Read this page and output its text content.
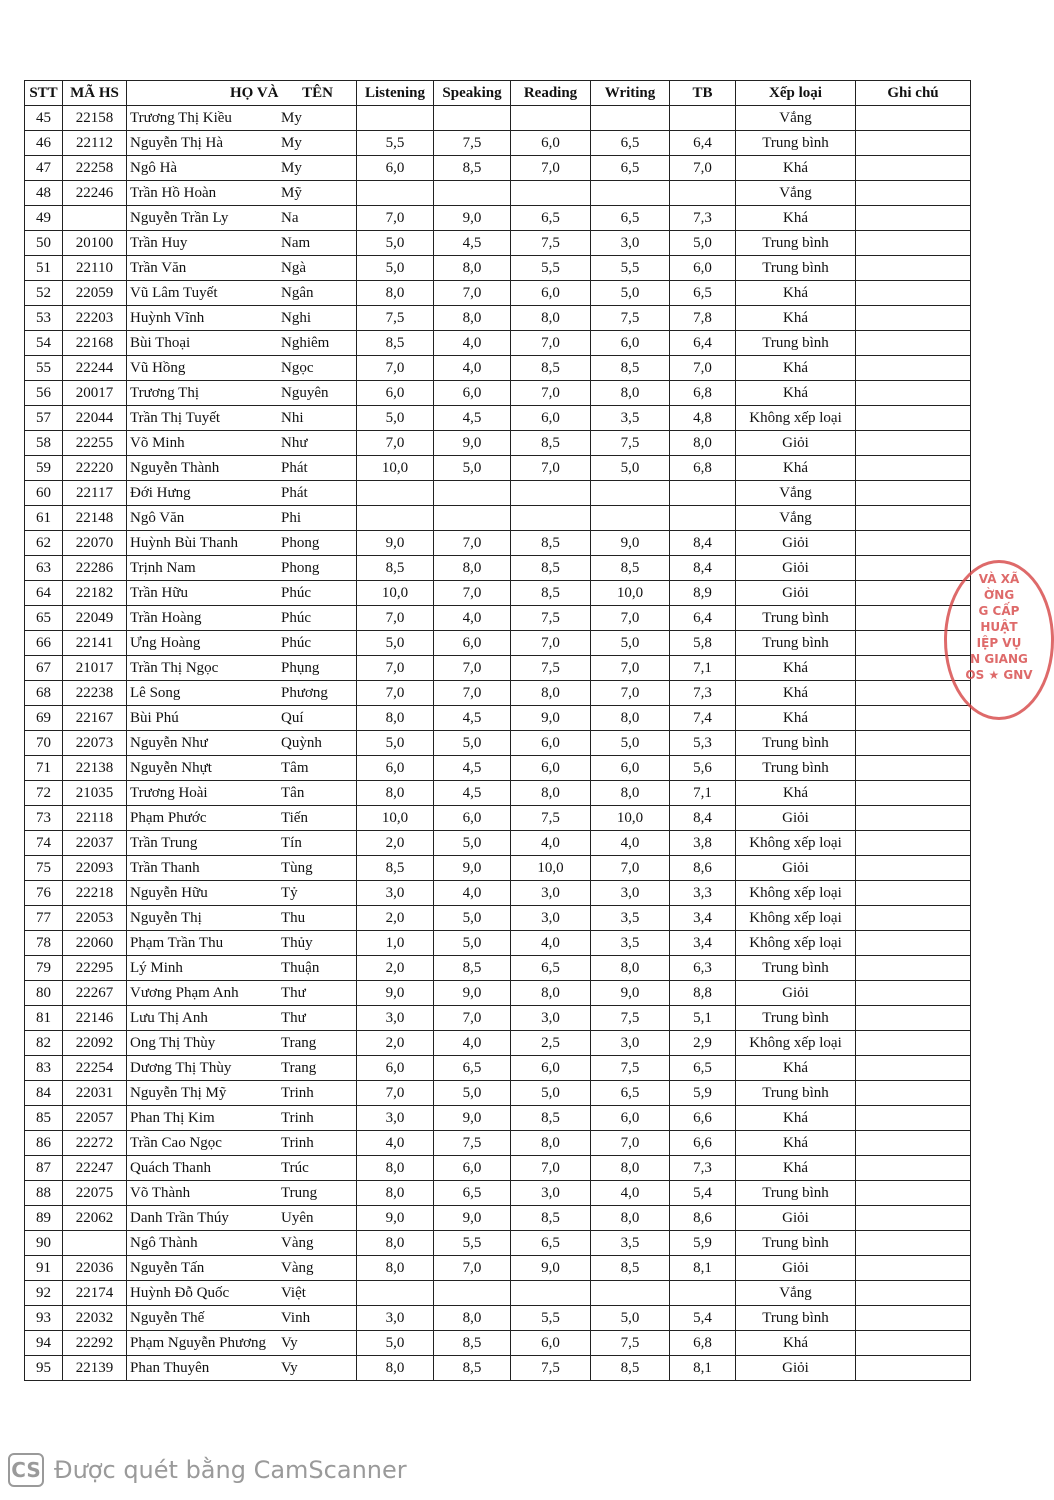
STT	MÃ HS	HỌ VÀ TÊN	Listening	Speaking	Reading	Writing	TB	Xếp loại	Ghi chú
45	22158	Trương Thị Kiều My						Vắng	
46	22112	Nguyễn Thị Hà My	5,5	7,5	6,0	6,5	6,4	Trung bình	
47	22258	Ngô Hà My	6,0	8,5	7,0	6,5	7,0	Khá	
48	22246	Trần Hồ Hoàn Mỹ						Vắng	
49		Nguyễn Trần Ly Na	7,0	9,0	6,5	6,5	7,3	Khá	
50	20100	Trần Huy Nam	5,0	4,5	7,5	3,0	5,0	Trung bình	
51	22110	Trần Văn Ngà	5,0	8,0	5,5	5,5	6,0	Trung bình	
52	22059	Vũ Lâm Tuyết Ngân	8,0	7,0	6,0	5,0	6,5	Khá	
53	22203	Huỳnh Vĩnh Nghi	7,5	8,0	8,0	7,5	7,8	Khá	
54	22168	Bùi Thoại Nghiêm	8,5	4,0	7,0	6,0	6,4	Trung bình	
55	22244	Vũ Hồng Ngọc	7,0	4,0	8,5	8,5	7,0	Khá	
56	20017	Trương Thị Nguyên	6,0	6,0	7,0	8,0	6,8	Khá	
57	22044	Trần Thị Tuyết Nhi	5,0	4,5	6,0	3,5	4,8	Không xếp loại	
58	22255	Võ Minh Như	7,0	9,0	8,5	7,5	8,0	Giỏi	
59	22220	Nguyễn Thành Phát	10,0	5,0	7,0	5,0	6,8	Khá	
60	22117	Đới Hưng Phát						Vắng	
61	22148	Ngô Văn Phi						Vắng	
62	22070	Huỳnh Bùi Thanh Phong	9,0	7,0	8,5	9,0	8,4	Giỏi	
63	22286	Trịnh Nam Phong	8,5	8,0	8,5	8,5	8,4	Giỏi	
64	22182	Trần Hữu Phúc	10,0	7,0	8,5	10,0	8,9	Giỏi	
65	22049	Trần Hoàng Phúc	7,0	4,0	7,5	7,0	6,4	Trung bình	
66	22141	Ưng Hoàng Phúc	5,0	6,0	7,0	5,0	5,8	Trung bình	
67	21017	Trần Thị Ngọc Phụng	7,0	7,0	7,5	7,0	7,1	Khá	
68	22238	Lê Song Phương	7,0	7,0	8,0	7,0	7,3	Khá	
69	22167	Bùi Phú Quí	8,0	4,5	9,0	8,0	7,4	Khá	
70	22073	Nguyễn Như Quỳnh	5,0	5,0	6,0	5,0	5,3	Trung bình	
71	22138	Nguyễn Nhựt Tâm	6,0	4,5	6,0	6,0	5,6	Trung bình	
72	21035	Trương Hoài Tân	8,0	4,5	8,0	8,0	7,1	Khá	
73	22118	Phạm Phước Tiến	10,0	6,0	7,5	10,0	8,4	Giỏi	
74	22037	Trần Trung Tín	2,0	5,0	4,0	4,0	3,8	Không xếp loại	
75	22093	Trần Thanh Tùng	8,5	9,0	10,0	7,0	8,6	Giỏi	
76	22218	Nguyễn Hữu Tỷ	3,0	4,0	3,0	3,0	3,3	Không xếp loại	
77	22053	Nguyễn Thị Thu	2,0	5,0	3,0	3,5	3,4	Không xếp loại	
78	22060	Phạm Trần Thu Thủy	1,0	5,0	4,0	3,5	3,4	Không xếp loại	
79	22295	Lý Minh Thuận	2,0	8,5	6,5	8,0	6,3	Trung bình	
80	22267	Vương Phạm Anh Thư	9,0	9,0	8,0	9,0	8,8	Giỏi	
81	22146	Lưu Thị Anh Thư	3,0	7,0	3,0	7,5	5,1	Trung bình	
82	22092	Ong Thị Thùy Trang	2,0	4,0	2,5	3,0	2,9	Không xếp loại	
83	22254	Dương Thị Thùy Trang	6,0	6,5	6,0	7,5	6,5	Khá	
84	22031	Nguyễn Thị Mỹ Trinh	7,0	5,0	5,0	6,5	5,9	Trung bình	
85	22057	Phan Thị Kim Trinh	3,0	9,0	8,5	6,0	6,6	Khá	
86	22272	Trần Cao Ngọc Trinh	4,0	7,5	8,0	7,0	6,6	Khá	
87	22247	Quách Thanh Trúc	8,0	6,0	7,0	8,0	7,3	Khá	
88	22075	Võ Thành Trung	8,0	6,5	3,0	4,0	5,4	Trung bình	
89	22062	Danh Trần Thúy Uyên	9,0	9,0	8,5	8,0	8,6	Giỏi	
90		Ngô Thành Vàng	8,0	5,5	6,5	3,5	5,9	Trung bình	
91	22036	Nguyễn Tấn Vàng	8,0	7,0	9,0	8,5	8,1	Giỏi	
92	22174	Huỳnh Đỗ Quốc Việt						Vắng	
93	22032	Nguyễn Thế Vinh	3,0	8,0	5,5	5,0	5,4	Trung bình	
94	22292	Phạm Nguyễn Phương Vy	5,0	8,5	6,0	7,5	6,8	Khá	
95	22139	Phan Thuyên Vy	8,0	8,5	7,5	8,5	8,1	Giỏi	
VÀ XÃ
ỜNG
G CẤP
HUẬT
IỆP VỤ
N GIANG
OS ★ GNV
CS Được quét bằng CamScanner
